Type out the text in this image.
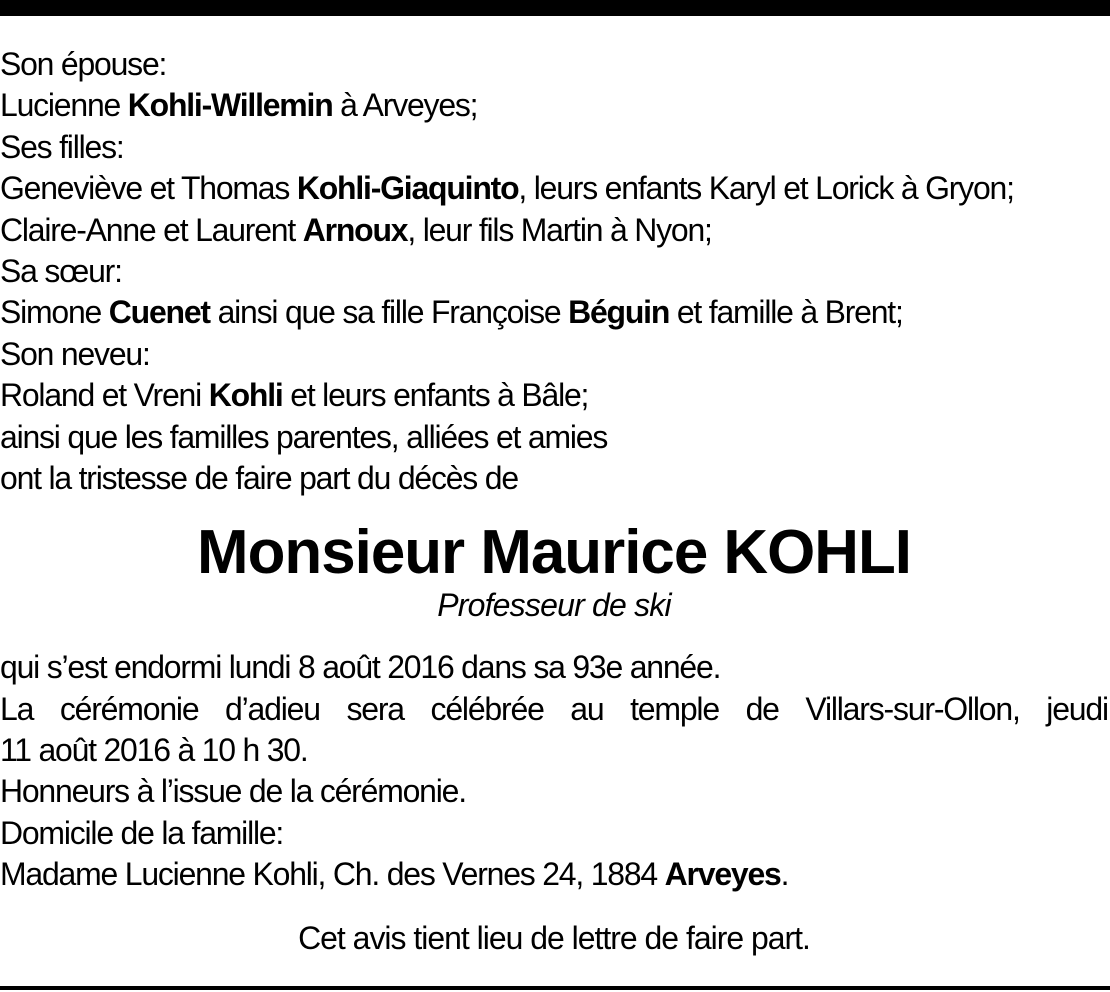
Son épouse:
Lucienne Kohli-Willemin à Arveyes;
Ses filles:
Geneviève et Thomas Kohli-Giaquinto, leurs enfants Karyl et Lorick à Gryon;
Claire-Anne et Laurent Arnoux, leur fils Martin à Nyon;
Sa sœur:
Simone Cuenet ainsi que sa fille Françoise Béguin et famille à Brent;
Son neveu:
Roland et Vreni Kohli et leurs enfants à Bâle;
ainsi que les familles parentes, alliées et amies
ont la tristesse de faire part du décès de
Monsieur Maurice KOHLI
Professeur de ski
qui s’est endormi lundi 8 août 2016 dans sa 93e année.
La cérémonie d’adieu sera célébrée au temple de Villars-sur-Ollon, jeudi
11 août 2016 à 10 h 30.
Honneurs à l’issue de la cérémonie.
Domicile de la famille:
Madame Lucienne Kohli, Ch. des Vernes 24, 1884 Arveyes.
Cet avis tient lieu de lettre de faire part.
